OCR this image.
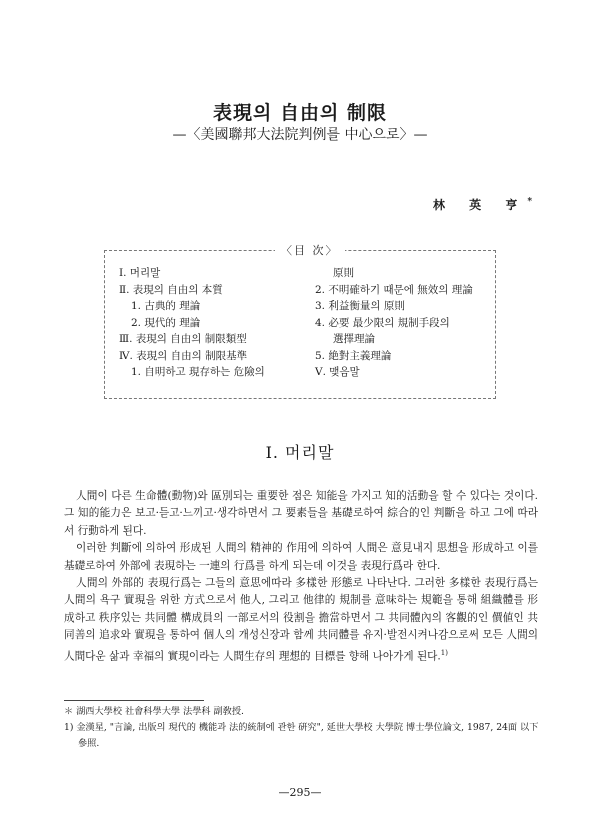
表現의 自由의 制限
—〈美國聯邦大法院判例를 中心으로〉—
林 英 亨*
〈目 次〉
Ⅰ. 머리말
Ⅱ. 表現의 自由의 本質
1. 古典的 理論
2. 現代的 理論
Ⅲ. 表現의 自由의 制限類型
Ⅳ. 表現의 自由의 制限基準
1. 自明하고 現存하는 危險의
原則
2. 不明確하기 때문에 無效의 理論
3. 利益衡量의 原則
4. 必要 最少限의 規制手段의
選擇理論
5. 絶對主義理論
Ⅴ. 맺음말
Ⅰ. 머리말

人間이 다른 生命體(動物)와 區別되는 重要한 점은 知能을 가지고 知的活動을 할 수 있다는 것이다. 그 知的能力은 보고·듣고·느끼고·생각하면서 그 要素들을 基礎로하여 綜合的인 判斷을 하고 그에 따라서 行動하게 된다.

이러한 判斷에 의하여 形成된 人間의 精神的 作用에 의하여 人間은 意見내지 思想을 形成하고 이를 基礎로하여 外部에 表現하는 一連의 行爲를 하게 되는데 이것을 表現行爲라 한다.

人間의 外部的 表現行爲는 그들의 意思에따라 多樣한 形態로 나타난다. 그러한 多樣한 表現行爲는 人間의 욕구 實現을 위한 方式으로서 他人, 그리고 他律的 規制를 意味하는 規範을 통해 組織體를 形成하고 秩序있는 共同體 構成員의 一部로서의 役割을 擔當하면서 그 共同體內의 客觀的인 價値인 共同善의 追求와 實現을 통하여 個人의 개성신장과 함께 共同體를 유지·발전시켜나감으로써 모든 人間의 人間다운 삶과 幸福의 實現이라는 人間生存의 理想的 目標를 향해 나아가게 된다.$^{1)}$

＊ 湖西大學校 社會科學大學 法學科 副敎授.
1) 金漢星, "言論, 出版의 現代的 機能과 法的統制에 관한 硏究", 延世大學校 大學院 博士學位論文, 1987, 24面 以下
參照.
—295—
